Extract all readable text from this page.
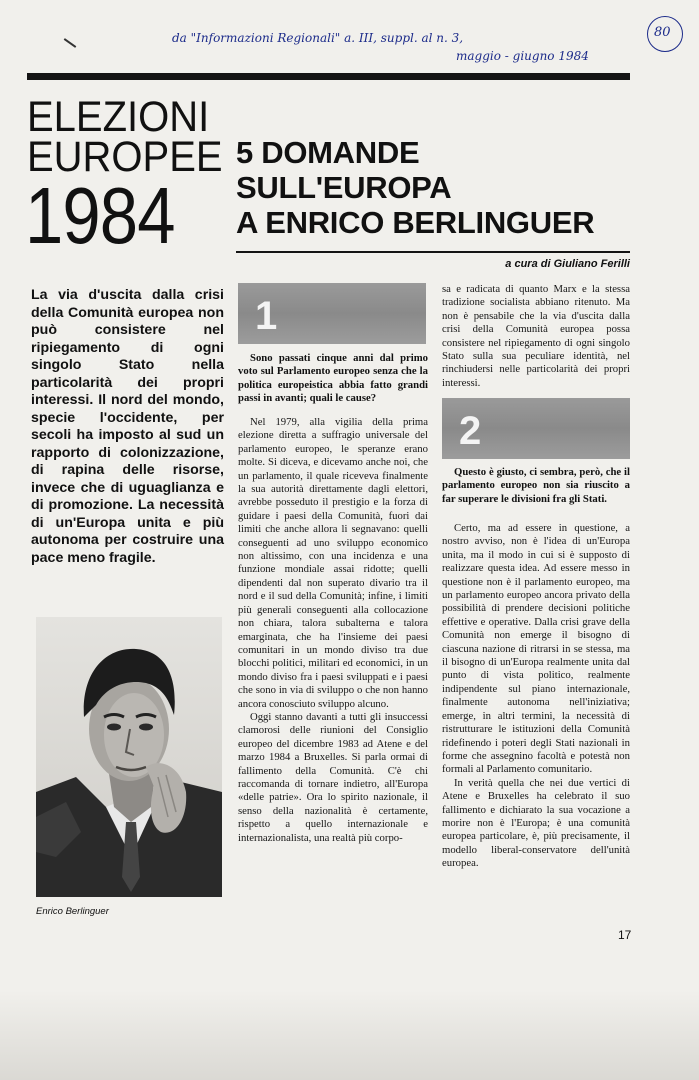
da "Informazioni Regionali" a. III, suppl. al n. 3,
maggio - giugno 1984
80
ELEZIONI
EUROPEE
1984
5 DOMANDE
SULL'EUROPA
A ENRICO BERLINGUER
a cura di Giuliano Ferilli
La via d'uscita dalla crisi della Comunità europea non può consistere nel ripiegamento di ogni singolo Stato nella particolarità dei propri interessi. Il nord del mondo, specie l'occidente, per secoli ha imposto al sud un rapporto di colonizzazione, di rapina delle risorse, invece che di uguaglianza e di promozione. La necessità di un'Europa unita e più autonoma per costruire una pace meno fragile.
Enrico Berlinguer
1

Sono passati cinque anni dal primo voto sul Parlamento europeo senza che la politica europeistica abbia fatto grandi passi in avanti; quali le cause?

Nel 1979, alla vigilia della prima elezione diretta a suffragio universale del parlamento europeo, le speranze erano molte. Si diceva, e dicevamo anche noi, che un parlamento, il quale riceveva finalmente la sua autorità direttamente dagli elettori, avrebbe posseduto il prestigio e la forza di guidare i paesi della Comunità, fuori dai limiti che anche allora li segnavano: quelli conseguenti ad uno sviluppo economico non altissimo, con una incidenza e una funzione mondiale assai ridotte; quelli dipendenti dal non superato divario tra il nord e il sud della Comunità; infine, i limiti più generali conseguenti alla collocazione non chiara, talora subalterna e talora emarginata, che ha l'insieme dei paesi comunitari in un mondo diviso tra due blocchi politici, militari ed economici, in un mondo diviso fra i paesi sviluppati e i paesi che sono in via di sviluppo o che non hanno ancora conosciuto sviluppo alcuno.

Oggi stanno davanti a tutti gli insuccessi clamorosi delle riunioni del Consiglio europeo del dicembre 1983 ad Atene e del marzo 1984 a Bruxelles. Si parla ormai di fallimento della Comunità. C'è chi raccomanda di tornare indietro, all'Europa «delle patrie». Ora lo spirito nazionale, il senso della nazionalità è certamente, rispetto a quello internazionale e internazionalista, una realtà più corpo-

sa e radicata di quanto Marx e la stessa tradizione socialista abbiano ritenuto. Ma non è pensabile che la via d'uscita dalla crisi della Comunità europea possa consistere nel ripiegamento di ogni singolo Stato sulla sua peculiare identità, nel rinchiudersi nelle particolarità dei propri interessi.

2

Questo è giusto, ci sembra, però, che il parlamento europeo non sia riuscito a far superare le divisioni fra gli Stati.

Certo, ma ad essere in questione, a nostro avviso, non è l'idea di un'Europa unita, ma il modo in cui si è supposto di realizzare questa idea. Ad essere messo in questione non è il parlamento europeo, ma un parlamento europeo ancora privato della possibilità di prendere decisioni politiche effettive e operative. Dalla crisi grave della Comunità non emerge il bisogno di ciascuna nazione di ritrarsi in se stessa, ma il bisogno di un'Europa realmente unita dal punto di vista politico, realmente indipendente sul piano internazionale, finalmente autonoma nell'iniziativa; emerge, in altri termini, la necessità di ristrutturare le istituzioni della Comunità ridefinendo i poteri degli Stati nazionali in forme che assegnino facoltà e potestà non formali al Parlamento comunitario.

In verità quella che nei due vertici di Atene e Bruxelles ha celebrato il suo fallimento e dichiarato la sua vocazione a morire non è l'Europa; è una comunità europea particolare, è, più precisamente, il modello liberal-conservatore dell'unità europea.

17
